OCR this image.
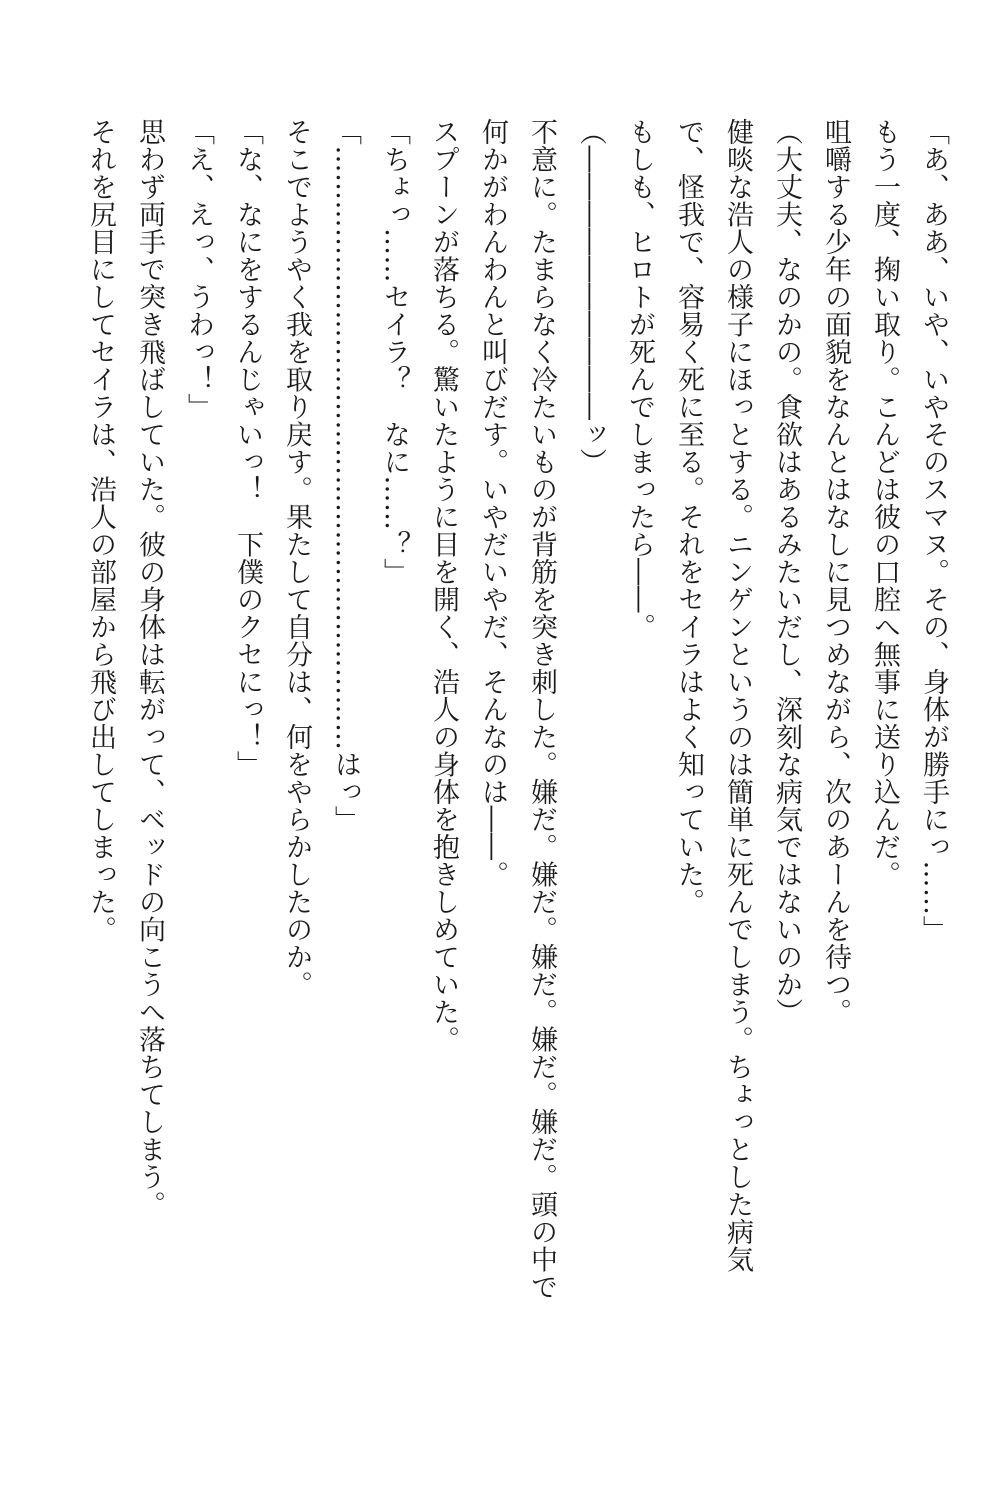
「あ、ああ、いや、いやそのスマヌ。その、身体が勝手にっ……」

もう一度、掬い取り。こんどは彼の口腔へ無事に送り込んだ。

咀嚼する少年の面貌をなんとはなしに見つめながら、次のあーんを待つ。

（大丈夫、なのかの。食欲はあるみたいだし、深刻な病気ではないのか）

健啖な浩人の様子にほっとする。ニンゲンというのは簡単に死んでしまう。ちょっとした病気

で、怪我で、容易く死に至る。それをセイラはよく知っていた。

もしも、ヒロトが死んでしまったら――。

（――――――――――ッ）

不意に。たまらなく冷たいものが背筋を突き刺した。嫌だ。嫌だ。嫌だ。嫌だ。嫌だ。頭の中で

何かがわんわんと叫びだす。いやだいやだ、そんなのは――。

スプーンが落ちる。驚いたように目を開く、浩人の身体を抱きしめていた。

「ちょっ……セイラ？　なに……？」

「…………………………………………………………はっ」

そこでようやく我を取り戻す。果たして自分は、何をやらかしたのか。

「な、なにをするんじゃいっ！　下僕のクセにっ！」

「え、えっ、うわっ！」

思わず両手で突き飛ばしていた。彼の身体は転がって、ベッドの向こうへ落ちてしまう。

それを尻目にしてセイラは、浩人の部屋から飛び出してしまった。
